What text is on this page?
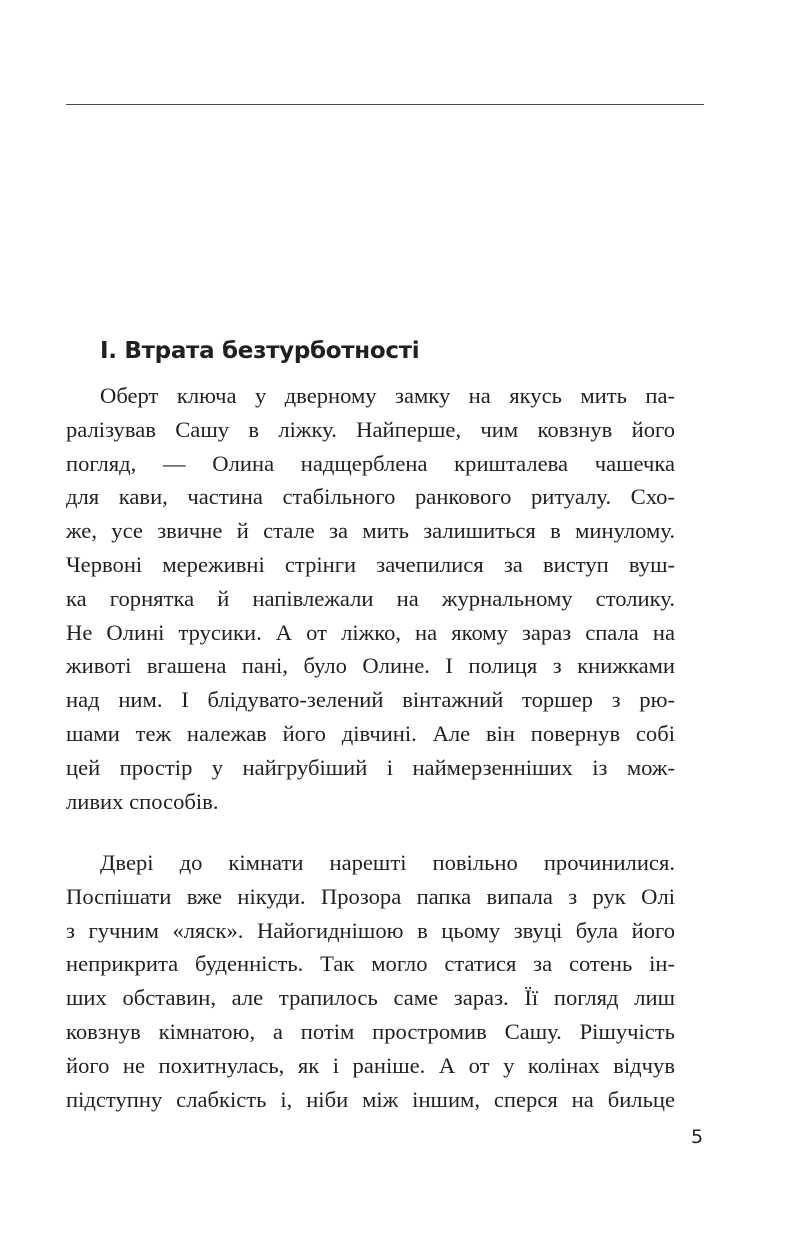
I. Втрата безтурботності
Оберт ключа у дверному замку на якусь мить па-
ралізував Сашу в ліжку. Найперше, чим ковзнув його
погляд, — Олина надщерблена кришталева чашечка
для кави, частина стабільного ранкового ритуалу. Схо-
же, усе звичне й стале за мить залишиться в минулому.
Червоні мереживні стрінги зачепилися за виступ вуш-
ка горнятка й напівлежали на журнальному столику.
Не Олині трусики. А от ліжко, на якому зараз спала на
животі вгашена пані, було Олине. І полиця з книжками
над ним. І блідувато-зелений вінтажний торшер з рю-
шами теж належав його дівчині. Але він повернув собі
цей простір у найгрубіший і наймерзенніших із мож-
ливих способів.
Двері до кімнати нарешті повільно прочинилися.
Поспішати вже нікуди. Прозора папка випала з рук Олі
з гучним «ляск». Найогиднішою в цьому звуці була його
неприкрита буденність. Так могло статися за сотень ін-
ших обставин, але трапилось саме зараз. Її погляд лиш
ковзнув кімнатою, а потім простромив Сашу. Рішучість
його не похитнулась, як і раніше. А от у колінах відчув
підступну слабкість і, ніби між іншим, сперся на бильце

5
